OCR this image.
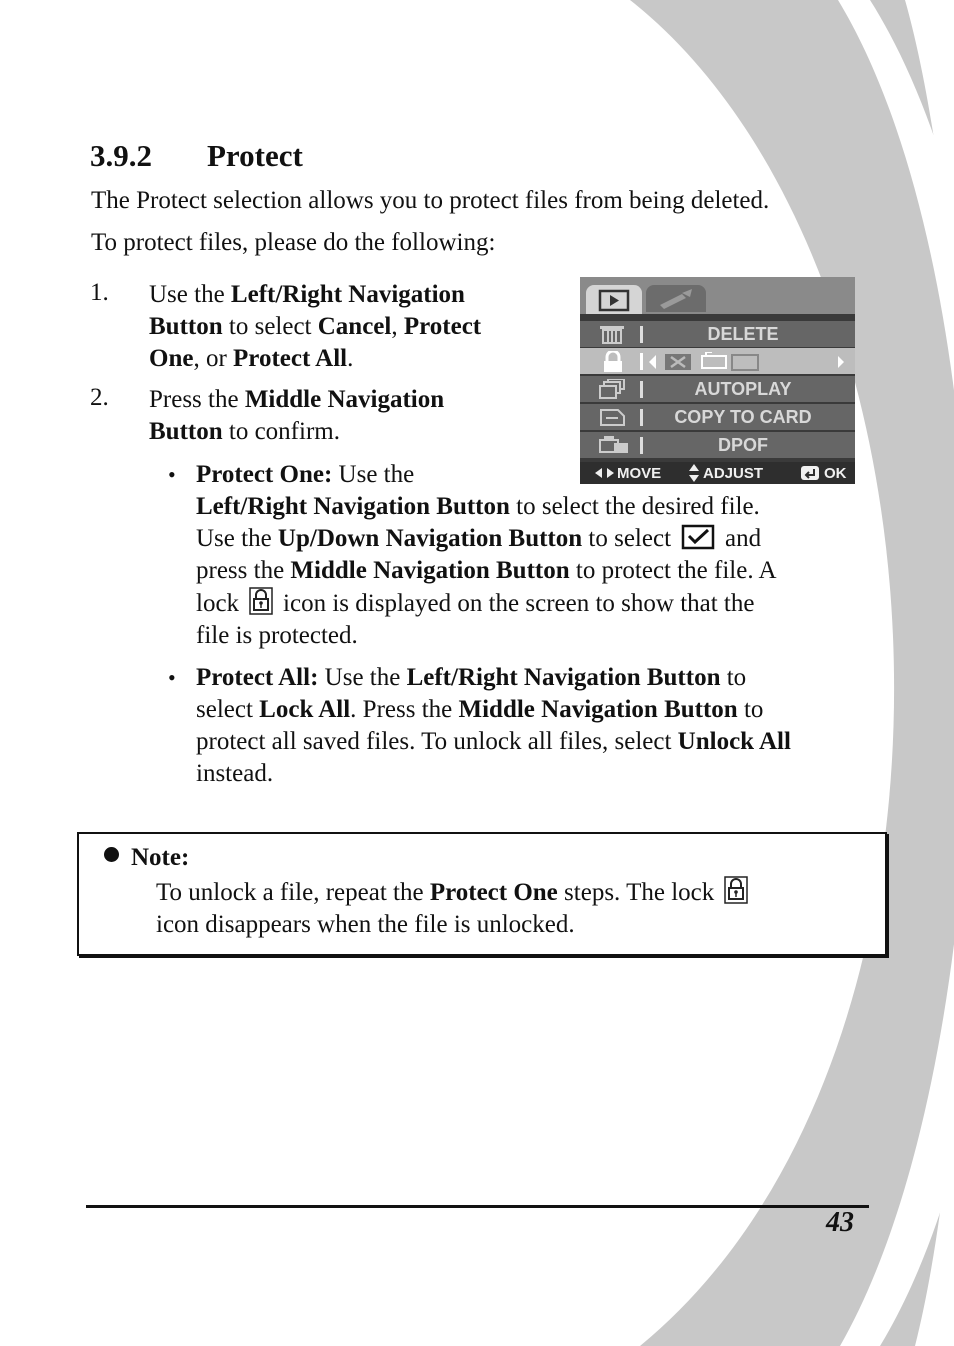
3.9.2 Protect
The Protect selection allows you to protect files from being deleted.
To protect files, please do the following:
1. Use the Left/Right Navigation Button to select Cancel, Protect One, or Protect All.
2. Press the Middle Navigation Button to confirm.
DELETE
AUTOPLAY
COPY TO CARD
DPOF
MOVE	ADJUST	OK
• Protect One: Use the
Left/Right Navigation Button to select the desired file.
Use the Up/Down Navigation Button to select and
press the Middle Navigation Button to protect the file. A
lock icon is displayed on the screen to show that the
file is protected.
• Protect All: Use the Left/Right Navigation Button to
select Lock All. Press the Middle Navigation Button to
protect all saved files. To unlock all files, select Unlock All
instead.
Note:
To unlock a file, repeat the Protect One steps. The lock
icon disappears when the file is unlocked.
43
